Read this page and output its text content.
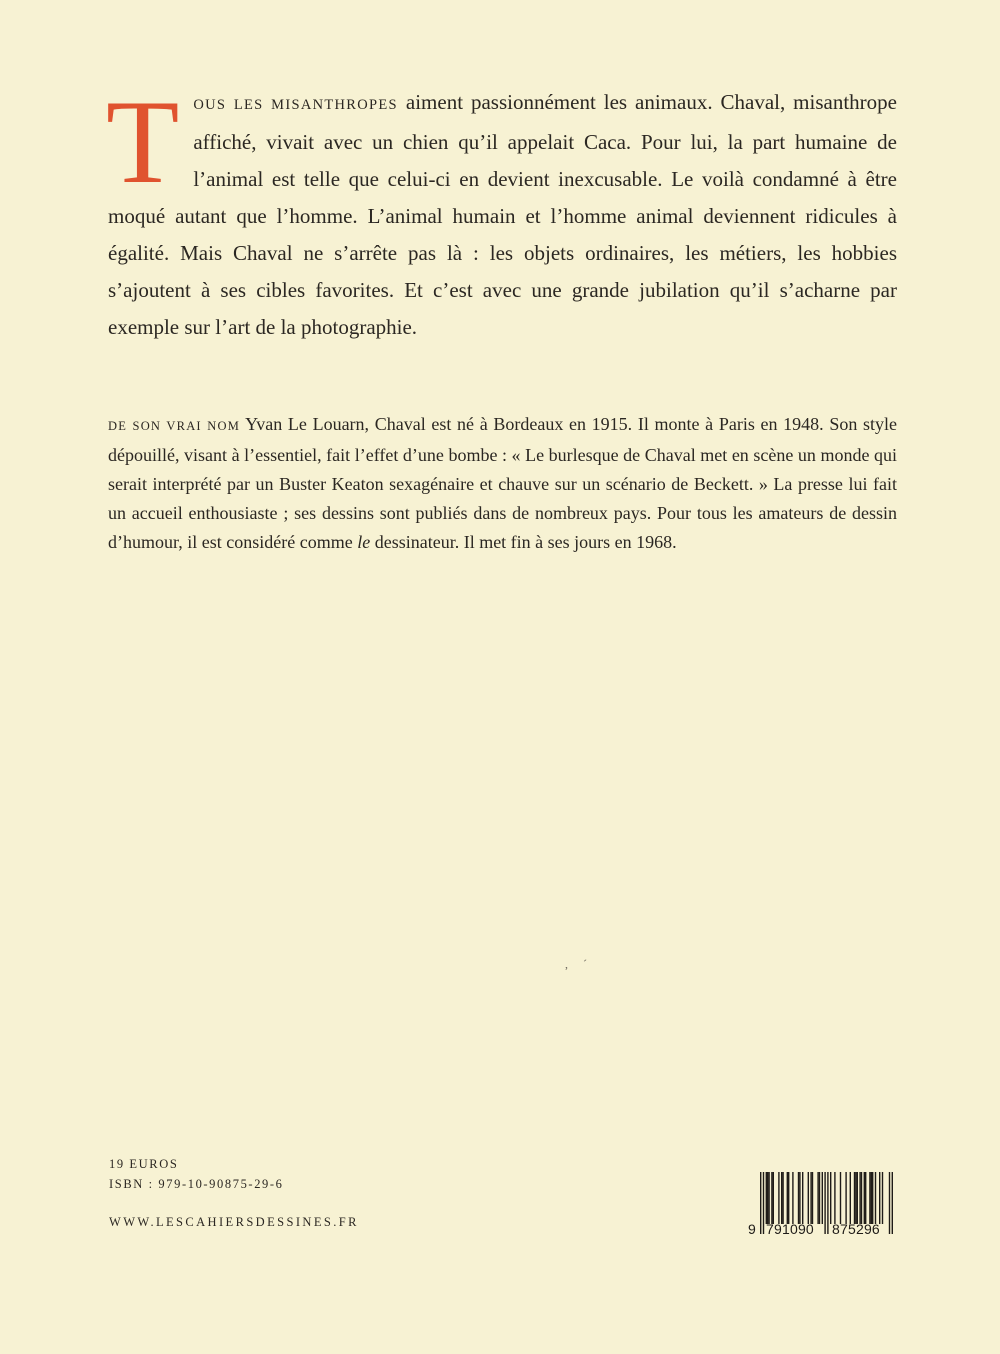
TOUS LES MISANTHROPES aiment passionnément les animaux. Chaval, misanthrope affiché, vivait avec un chien qu’il appelait Caca. Pour lui, la part humaine de l’animal est telle que celui-ci en devient inexcusable. Le voilà condamné à être moqué autant que l’homme. L’animal humain et l’homme animal deviennent ridicules à égalité. Mais Chaval ne s’arrête pas là : les objets ordinaires, les métiers, les hobbies s’ajoutent à ses cibles favorites. Et c’est avec une grande jubilation qu’il s’acharne par exemple sur l’art de la photographie.
DE SON VRAI NOM Yvan Le Louarn, Chaval est né à Bordeaux en 1915. Il monte à Paris en 1948. Son style dépouillé, visant à l’essentiel, fait l’effet d’une bombe : « Le burlesque de Chaval met en scène un monde qui serait interprété par un Buster Keaton sexagénaire et chauve sur un scénario de Beckett. » La presse lui fait un accueil enthousiaste ; ses dessins sont publiés dans de nombreux pays. Pour tous les amateurs de dessin d’humour, il est considéré comme le dessinateur. Il met fin à ses jours en 1968.
, ´
19 EUROS
ISBN : 979-10-90875-29-6
WWW.LESCAHIERSDESSINES.FR

	9

791090

875296
